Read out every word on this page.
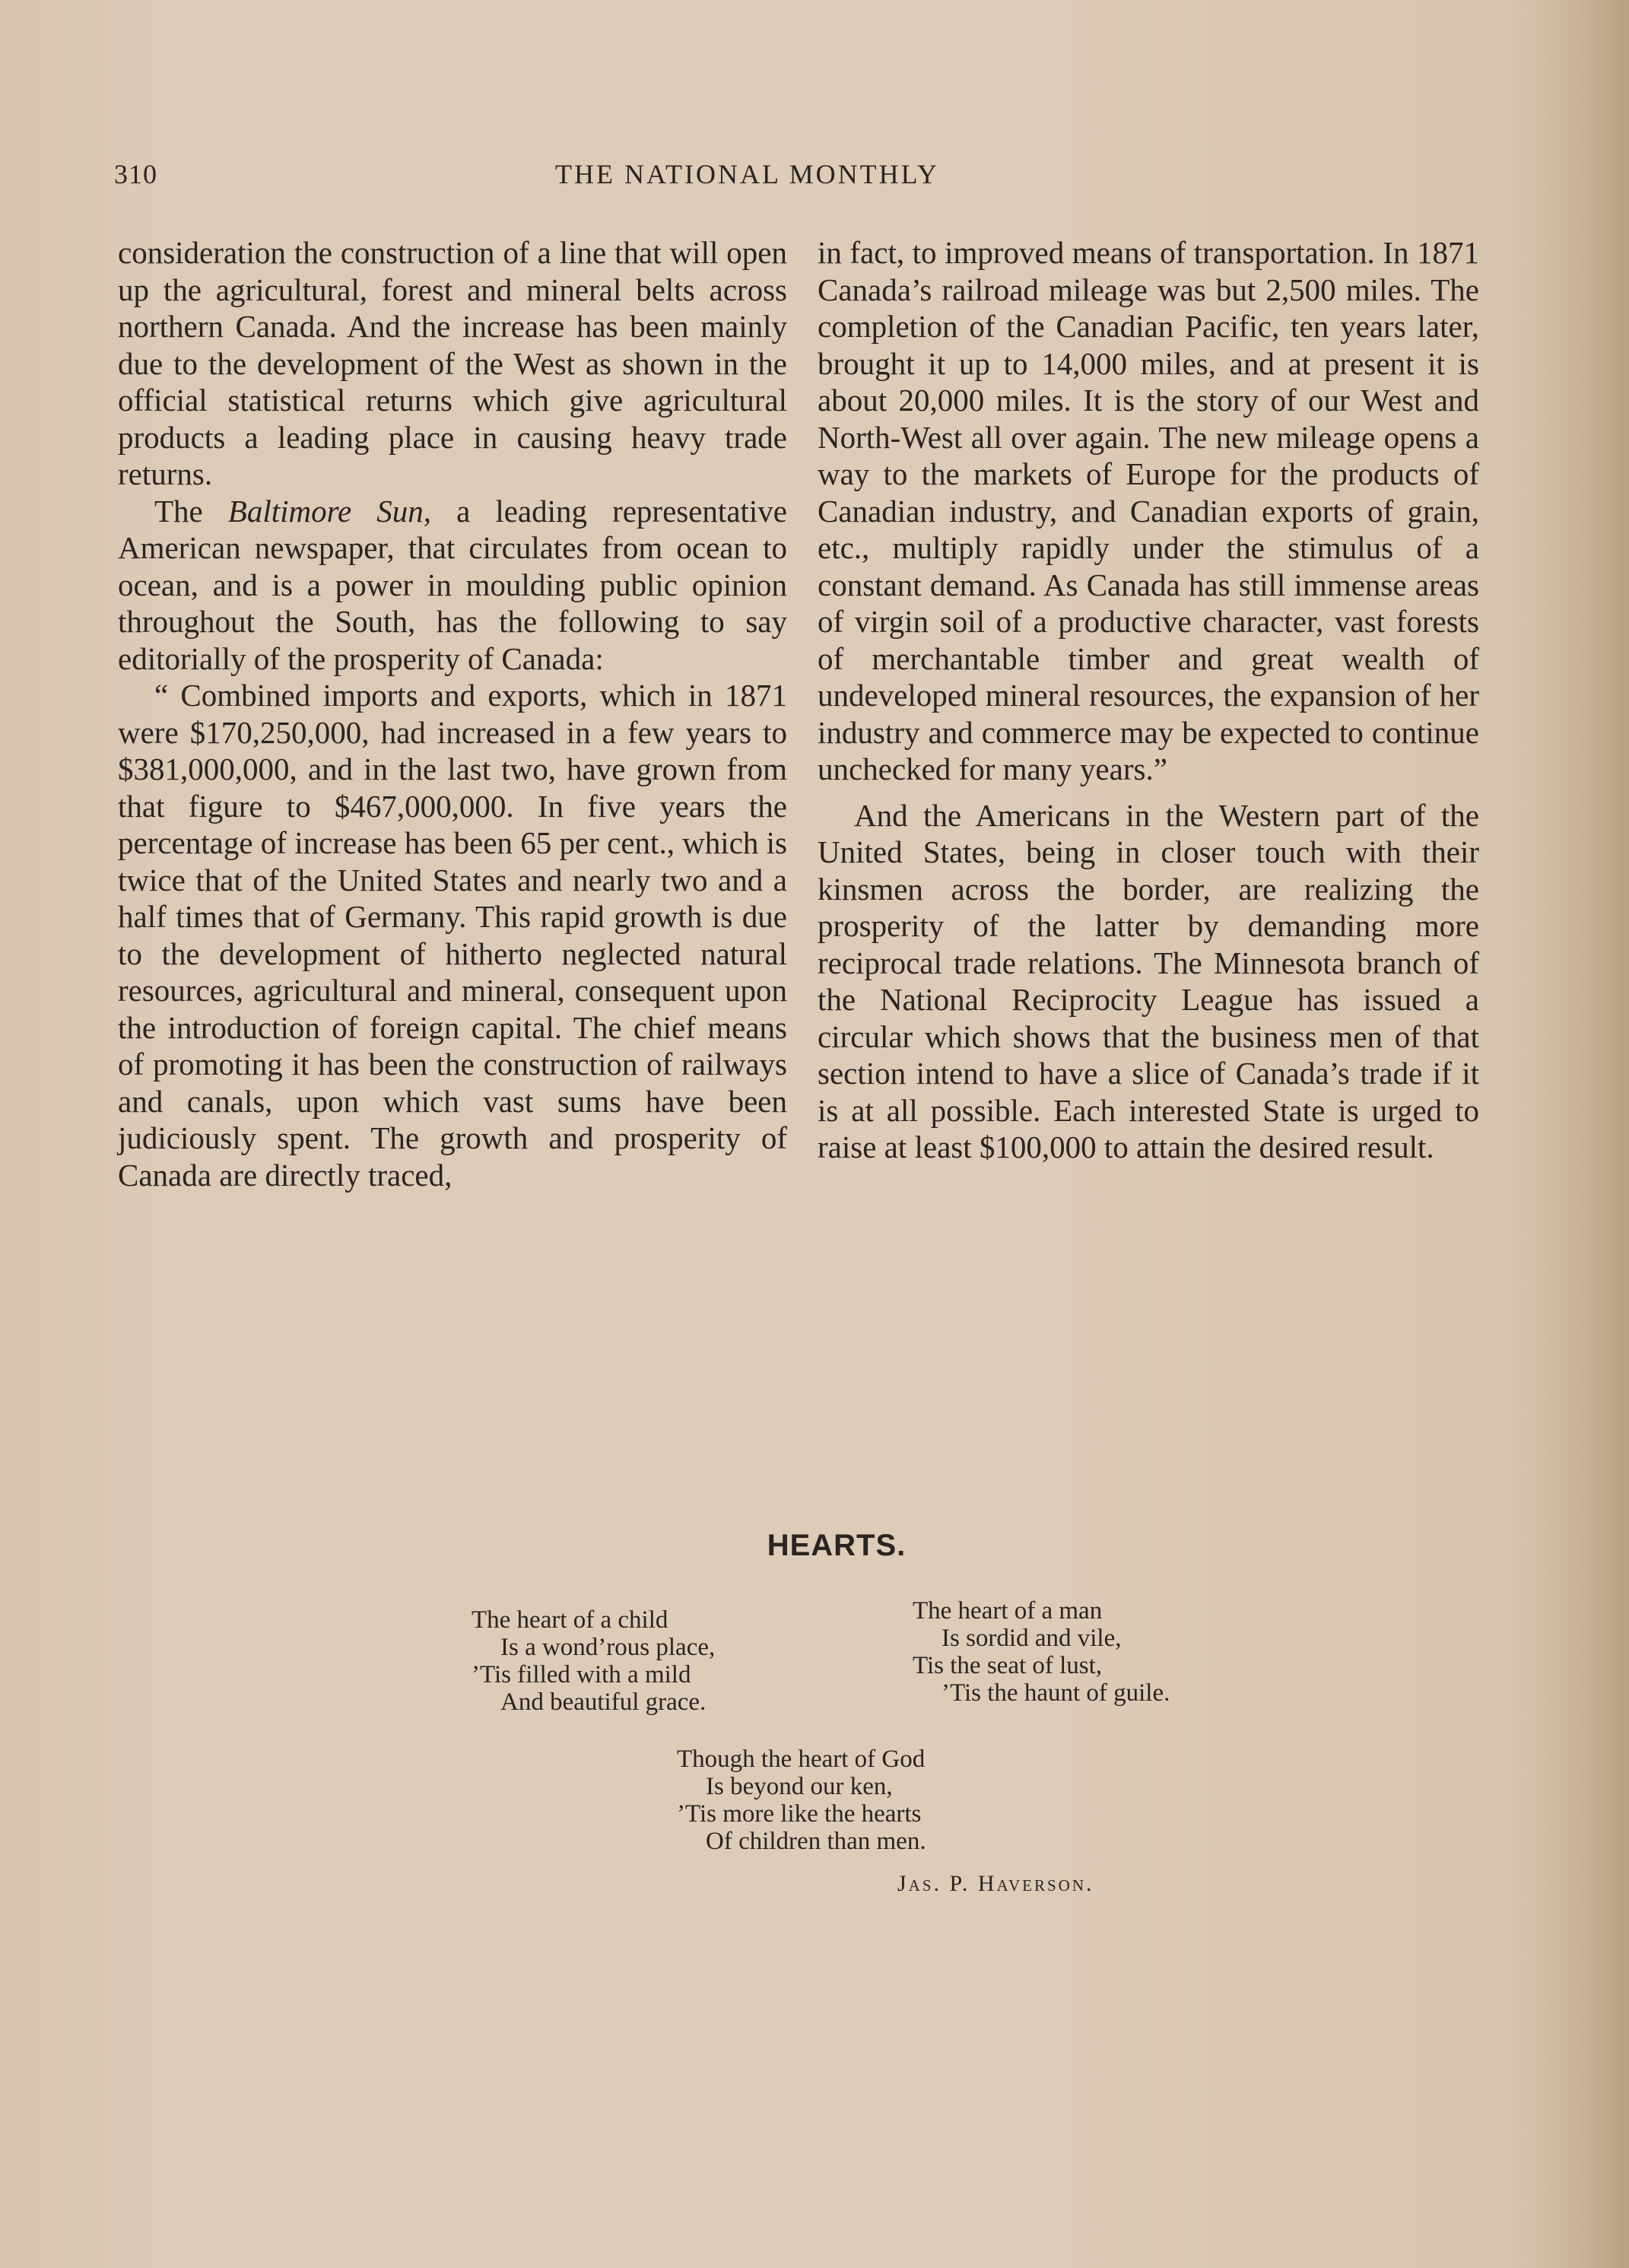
310	THE NATIONAL MONTHLY

consideration the construction of a line that will open up the agricultural, forest and mineral belts across northern Canada. And the increase has been mainly due to the development of the West as shown in the official statistical returns which give agricultural products a leading place in causing heavy trade returns.

The Baltimore Sun, a leading representative American newspaper, that circulates from ocean to ocean, and is a power in moulding public opinion throughout the South, has the following to say editorially of the prosperity of Canada:

“ Combined imports and exports, which in 1871 were $170,250,000, had increased in a few years to $381,000,000, and in the last two, have grown from that figure to $467,000,000. In five years the percentage of increase has been 65 per cent., which is twice that of the United States and nearly two and a half times that of Germany. This rapid growth is due to the development of hitherto neglected natural resources, agricultural and mineral, consequent upon the introduction of foreign capital. The chief means of promoting it has been the construction of railways and canals, upon which vast sums have been judiciously spent. The growth and prosperity of Canada are directly traced,

in fact, to improved means of transportation. In 1871 Canada’s railroad mileage was but 2,500 miles. The completion of the Canadian Pacific, ten years later, brought it up to 14,000 miles, and at present it is about 20,000 miles. It is the story of our West and North-West all over again. The new mileage opens a way to the markets of Europe for the products of Canadian industry, and Canadian exports of grain, etc., multiply rapidly under the stimulus of a constant demand. As Canada has still immense areas of virgin soil of a productive character, vast forests of merchantable timber and great wealth of undeveloped mineral resources, the expansion of her industry and commerce may be expected to continue unchecked for many years.”

And the Americans in the Western part of the United States, being in closer touch with their kinsmen across the border, are realizing the prosperity of the latter by demanding more reciprocal trade relations. The Minnesota branch of the National Reciprocity League has issued a circular which shows that the business men of that section intend to have a slice of Canada’s trade if it is at all possible. Each interested State is urged to raise at least $100,000 to attain the desired result.

HEARTS.
The heart of a child
Is a wond’rous place,
’Tis filled with a mild
And beautiful grace.
The heart of a man
Is sordid and vile,
Tis the seat of lust,
’Tis the haunt of guile.
Though the heart of God
Is beyond our ken,
’Tis more like the hearts
Of children than men.
Jas. P. Haverson.
